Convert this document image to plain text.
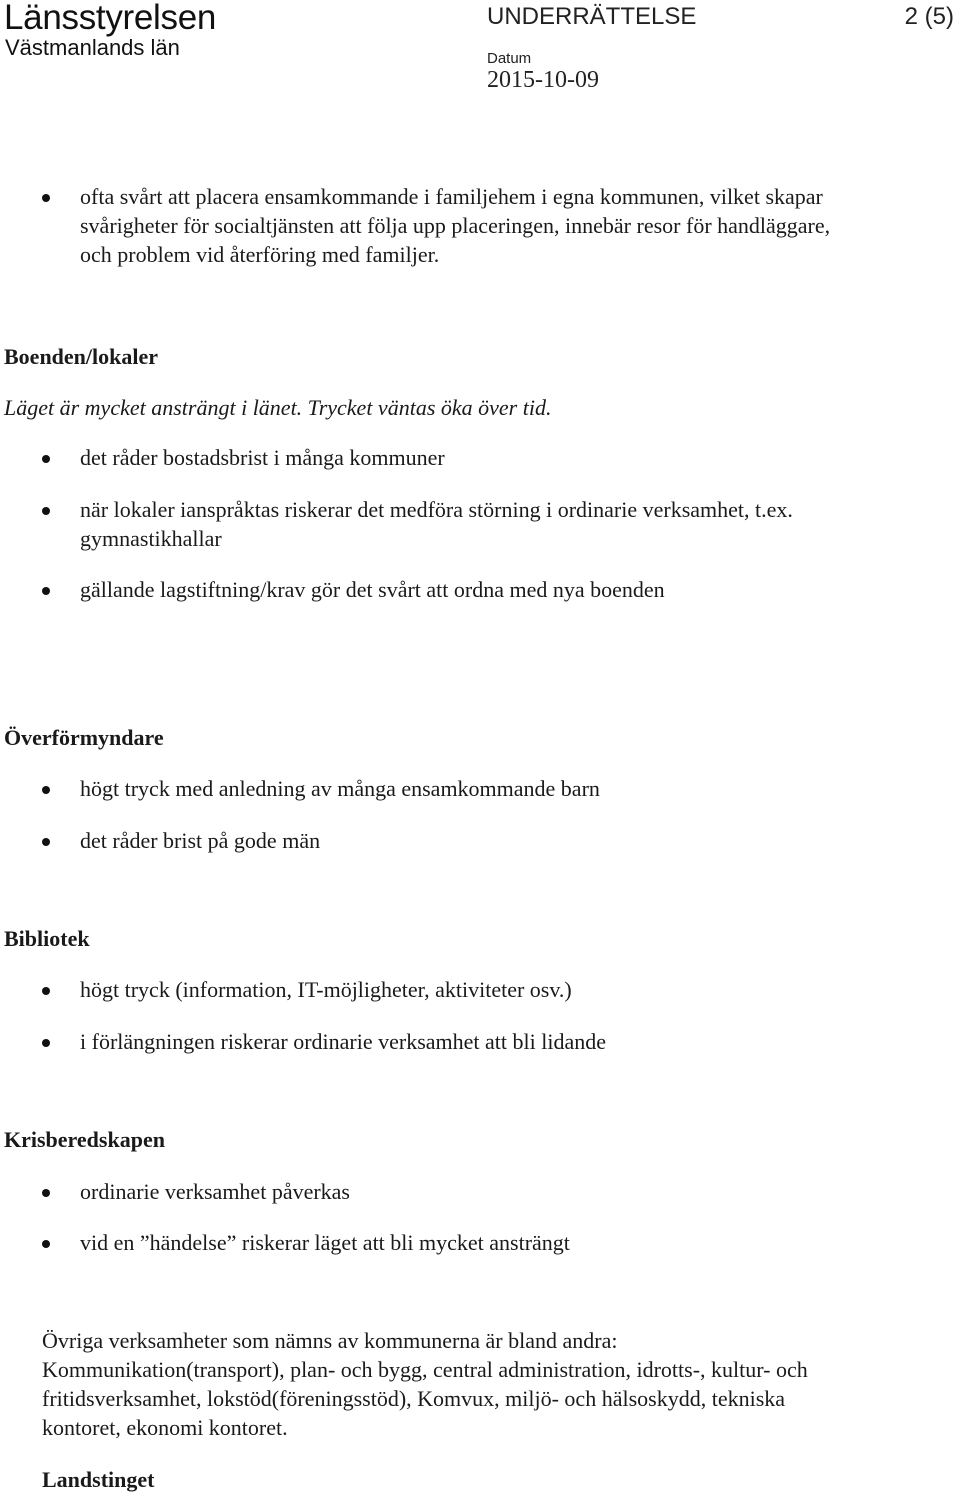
Länsstyrelsen
Västmanlands län
UNDERRÄTTELSE	2 (5)
Datum
2015-10-09
ofta svårt att placera ensamkommande i familjehem i egna kommunen, vilket skapar svårigheter för socialtjänsten att följa upp placeringen, innebär resor för handläggare, och problem vid återföring med familjer.
Boenden/lokaler
Läget är mycket ansträngt i länet. Trycket väntas öka över tid.
det råder bostadsbrist i många kommuner
när lokaler ianspråktas riskerar det medföra störning i ordinarie verksamhet, t.ex. gymnastikhallar
gällande lagstiftning/krav gör det svårt att ordna med nya boenden
Överförmyndare
högt tryck med anledning av många ensamkommande barn
det råder brist på gode män
Bibliotek
högt tryck (information, IT-möjligheter, aktiviteter osv.)
i förlängningen riskerar ordinarie verksamhet att bli lidande
Krisberedskapen
ordinarie verksamhet påverkas
vid en ”händelse” riskerar läget att bli mycket ansträngt
Övriga verksamheter som nämns av kommunerna är bland andra: Kommunikation(transport), plan- och bygg, central administration, idrotts-, kultur- och fritidsverksamhet, lokstöd(föreningsstöd), Komvux, miljö- och hälsoskydd, tekniska kontoret, ekonomi kontoret.
Landstinget
